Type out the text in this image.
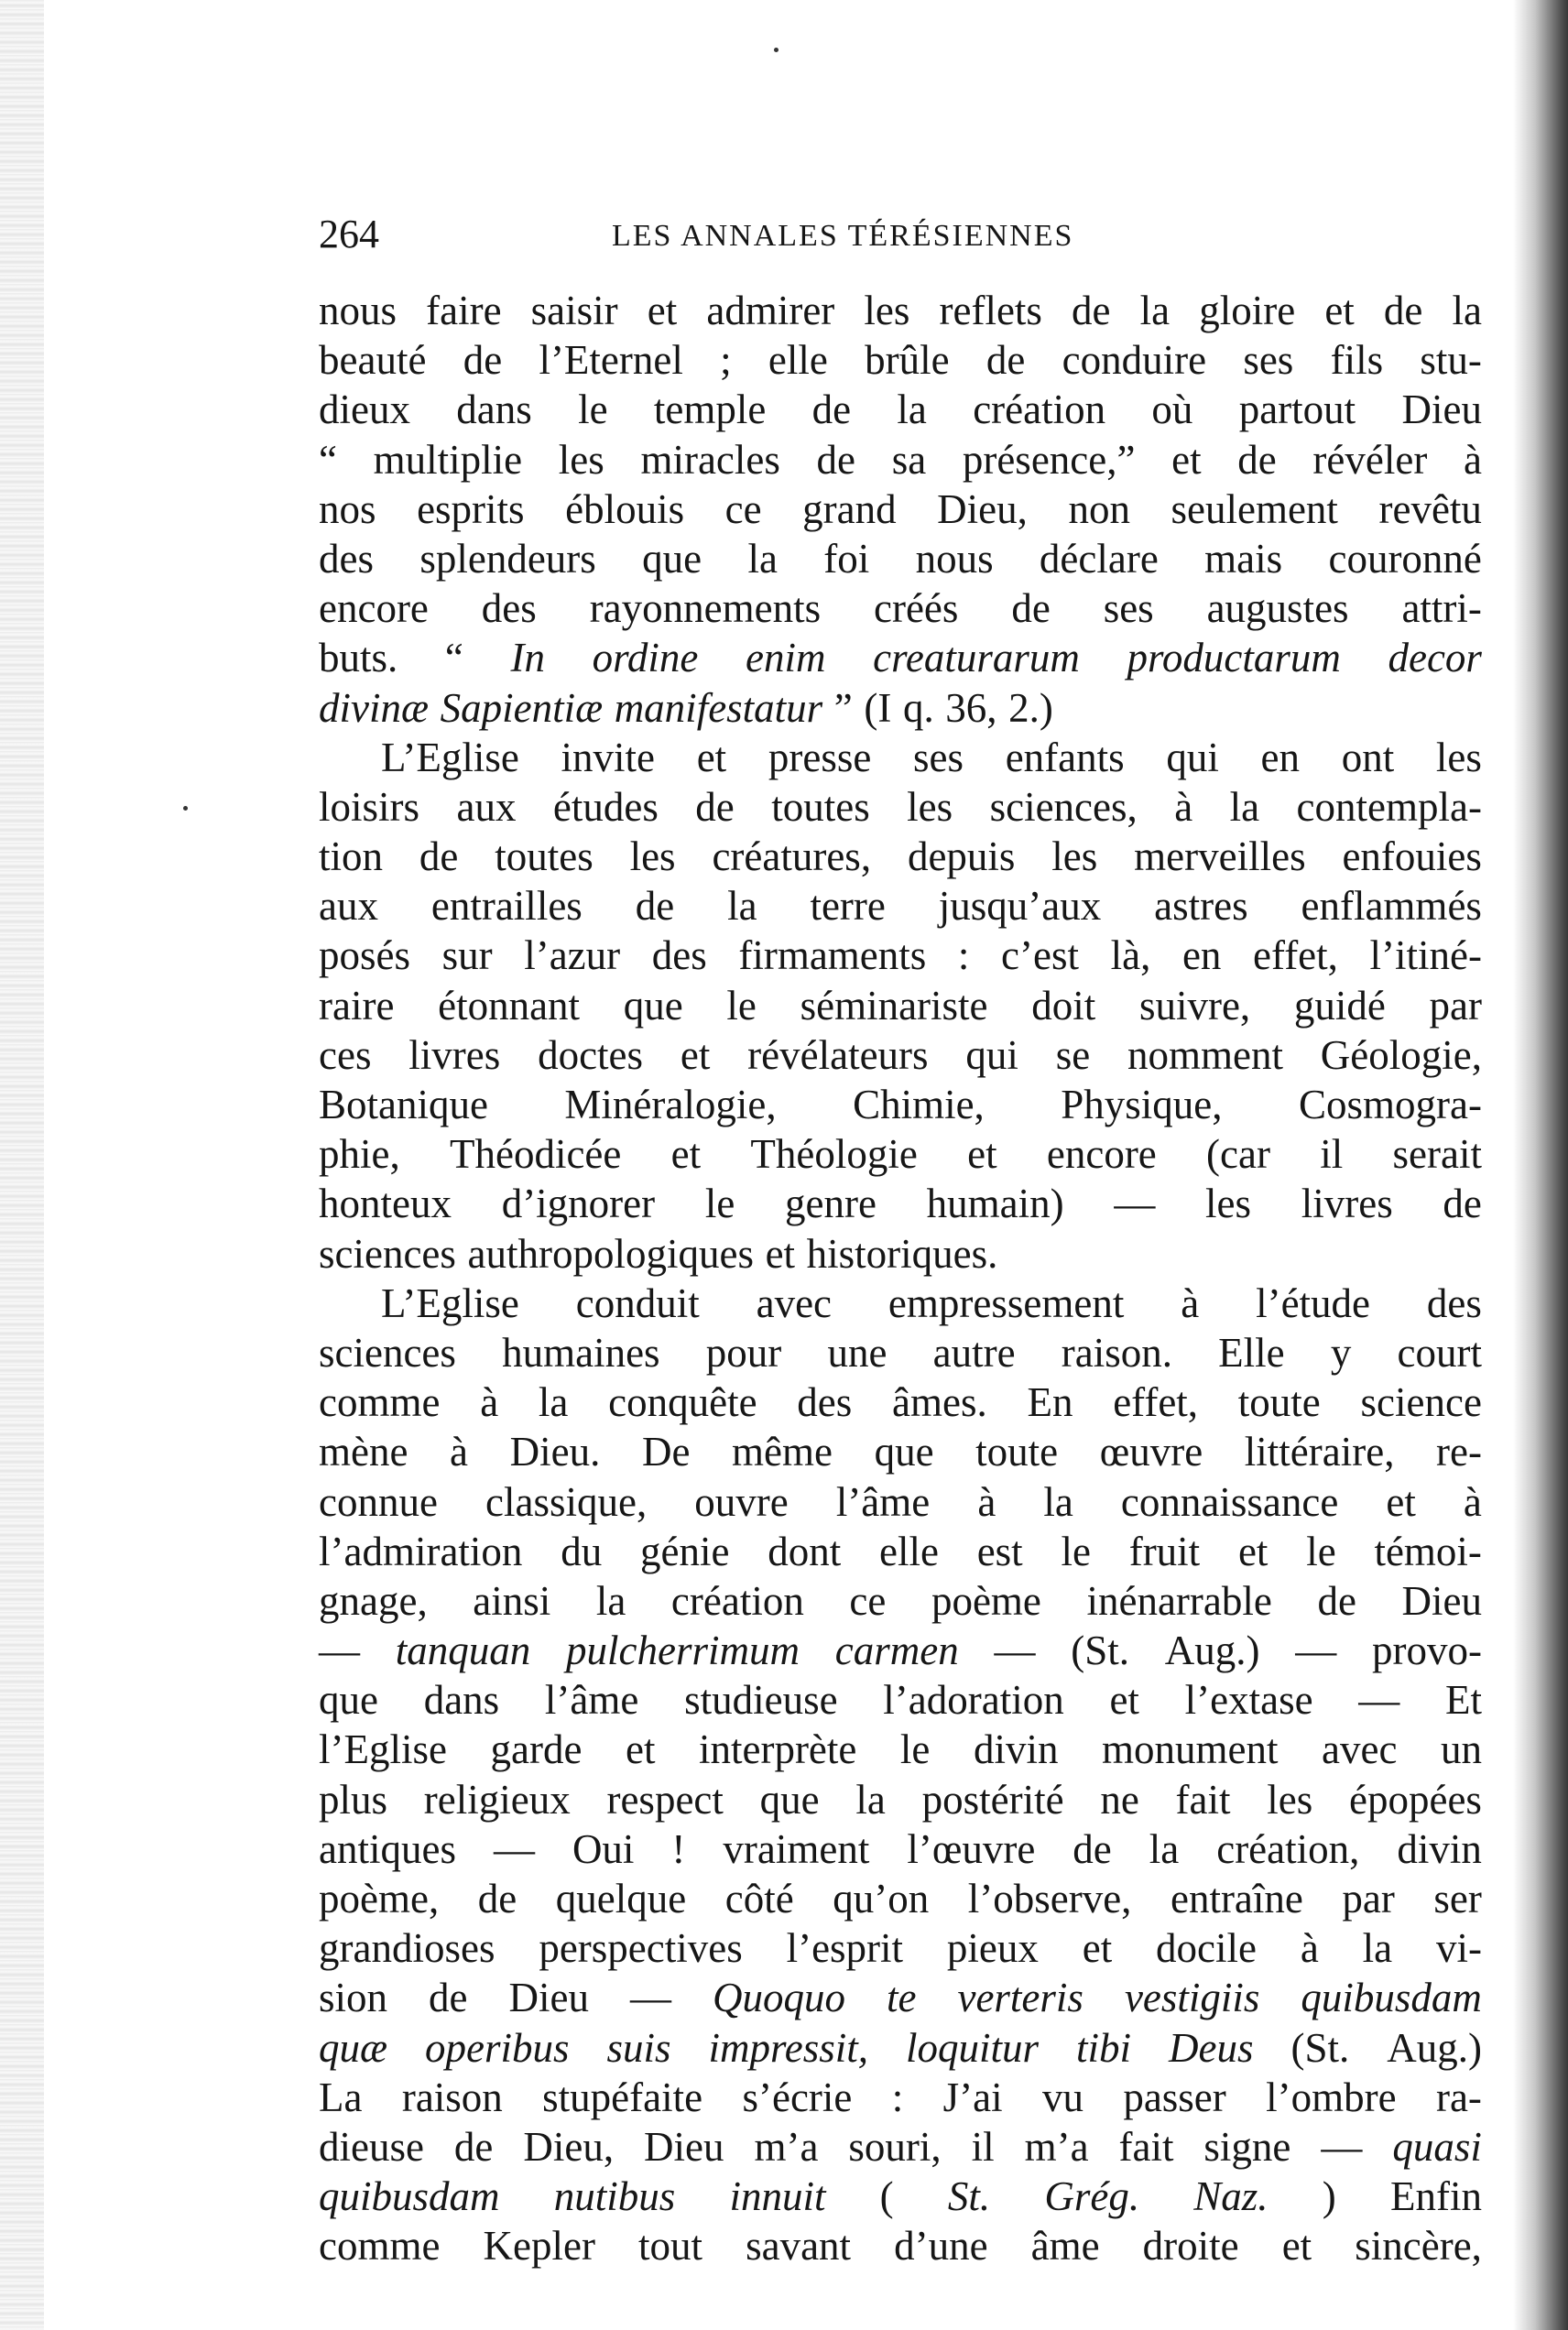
264	LES ANNALES TÉRÉSIENNES
nous faire saisir et admirer les reflets de la gloire et de la
beauté de l’Eternel ; elle brûle de conduire ses fils stu-
dieux dans le temple de la création où partout Dieu
“ multiplie les miracles de sa présence,” et de révéler à
nos esprits éblouis ce grand Dieu, non seulement revêtu
des splendeurs que la foi nous déclare mais couronné
encore des rayonnements créés de ses augustes attri-
buts. “ In ordine enim creaturarum productarum decor
divinæ Sapientiæ manifestatur ” (I q. 36, 2.)
L’Eglise invite et presse ses enfants qui en ont les
loisirs aux études de toutes les sciences, à la contempla-
tion de toutes les créatures, depuis les merveilles enfouies
aux entrailles de la terre jusqu’aux astres enflammés
posés sur l’azur des firmaments : c’est là, en effet, l’itiné-
raire étonnant que le séminariste doit suivre, guidé par
ces livres doctes et révélateurs qui se nomment Géologie,
Botanique Minéralogie, Chimie, Physique, Cosmogra-
phie, Théodicée et Théologie et encore (car il serait
honteux d’ignorer le genre humain) — les livres de
sciences authropologiques et historiques.
L’Eglise conduit avec empressement à l’étude des
sciences humaines pour une autre raison. Elle y court
comme à la conquête des âmes. En effet, toute science
mène à Dieu. De même que toute œuvre littéraire, re-
connue classique, ouvre l’âme à la connaissance et à
l’admiration du génie dont elle est le fruit et le témoi-
gnage, ainsi la création ce poème inénarrable de Dieu
— tanquan pulcherrimum carmen — (St. Aug.) — provo-
que dans l’âme studieuse l’adoration et l’extase — Et
l’Eglise garde et interprète le divin monument avec un
plus religieux respect que la postérité ne fait les épopées
antiques — Oui ! vraiment l’œuvre de la création, divin
poème, de quelque côté qu’on l’observe, entraîne par ser
grandioses perspectives l’esprit pieux et docile à la vi-
sion de Dieu — Quoquo te verteris vestigiis quibusdam
quæ operibus suis impressit, loquitur tibi Deus (St. Aug.)
La raison stupéfaite s’écrie : J’ai vu passer l’ombre ra-
dieuse de Dieu, Dieu m’a souri, il m’a fait signe — quasi
quibusdam nutibus innuit ( St. Grég. Naz. ) Enfin
comme Kepler tout savant d’une âme droite et sincère,
